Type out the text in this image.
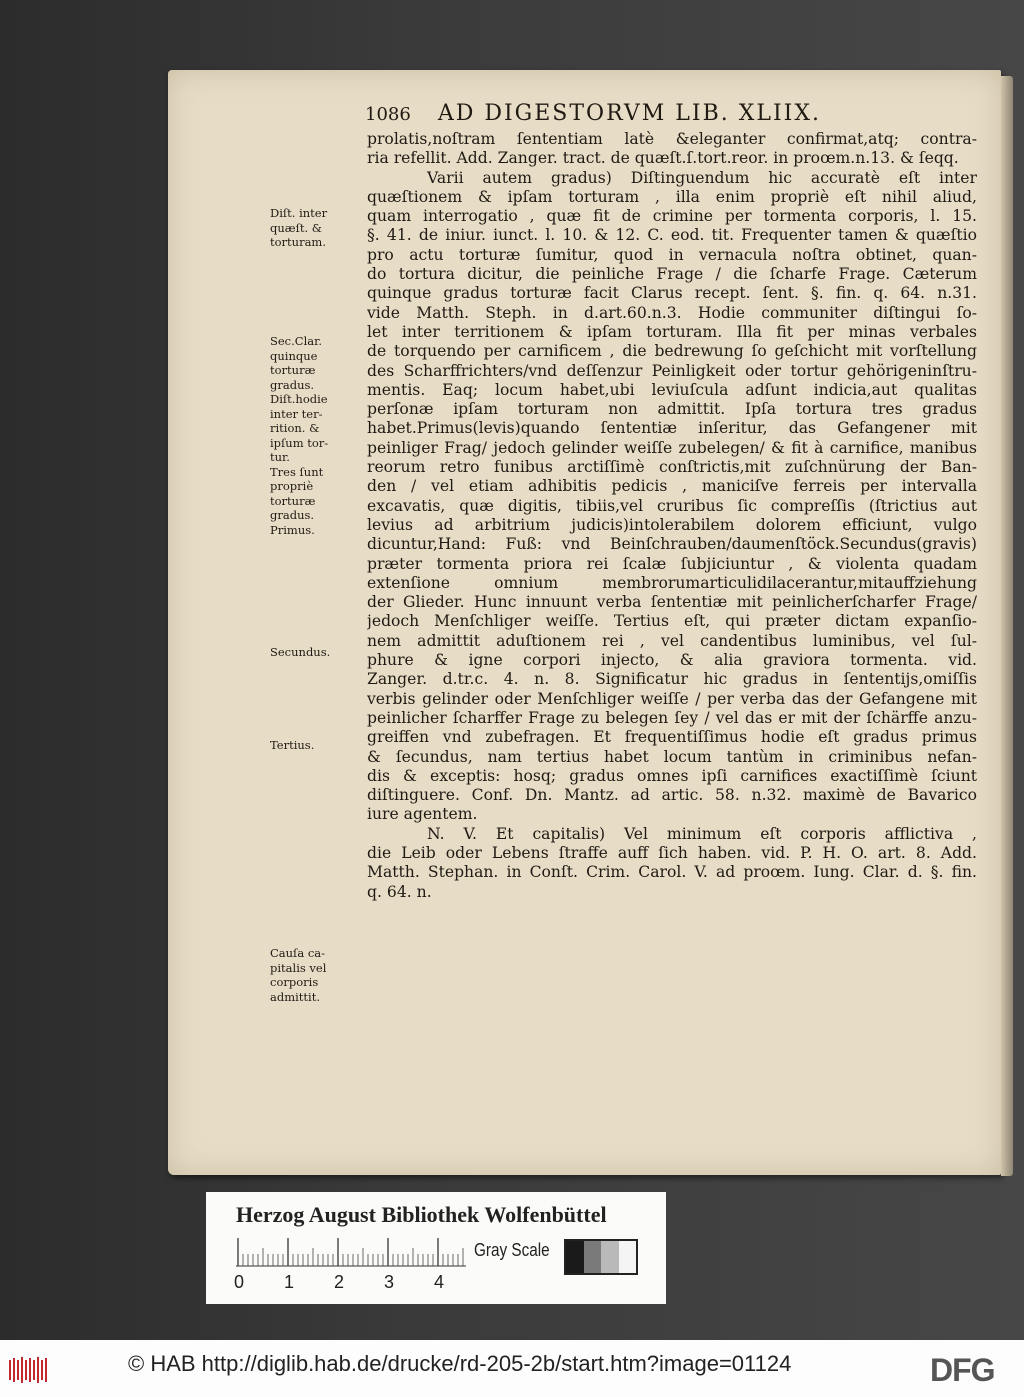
1086 AD DIGESTORVM LIB. XLIIX.
prolatis,noſtram ſententiam latè &eleganter confirmat,atq; contra-
ria refellit. Add. Zanger. tract. de quæſt.ſ.tort.reor. in proœm.n.13. & ſeqq.
Varii autem gradus) Diſtinguendum hic accuratè eſt inter
quæſtionem & ipſam torturam , illa enim propriè eſt nihil aliud,
quam interrogatio , quæ fit de crimine per tormenta corporis, l. 15.
§. 41. de iniur. iunct. l. 10. & 12. C. eod. tit. Frequenter tamen & quæſtio
pro actu torturæ ſumitur, quod in vernacula noſtra obtinet, quan-
do tortura dicitur, die peinliche Frage / die ſcharfe Frage. Cæterum
quinque gradus torturæ facit Clarus recept. ſent. §. fin. q. 64. n.31.
vide Matth. Steph. in d.art.60.n.3. Hodie communiter diſtingui ſo-
let inter territionem & ipſam torturam. Illa fit per minas verbales
de torquendo per carnificem , die bedrewung ſo geſchicht mit vorſtellung
des Scharffrichters/vnd deſſenzur Peinligkeit oder tortur gehörigeninſtru-
mentis. Eaq; locum habet,ubi leviuſcula adſunt indicia,aut qualitas
perſonæ ipſam torturam non admittit. Ipſa tortura tres gradus
habet.Primus(levis)quando ſententiæ inſeritur, das Gefangener mit
peinliger Frag/ jedoch gelinder weiſſe zubelegen/ & fit à carnifice, manibus
reorum retro funibus arctiſſimè conſtrictis,mit zuſchnürung der Ban-
den / vel etiam adhibitis pedicis , maniciſve ferreis per intervalla
excavatis, quæ digitis, tibiis,vel cruribus ſic compreſſis (ſtrictius aut
levius ad arbitrium judicis)intolerabilem dolorem efficiunt, vulgo
dicuntur,Hand: Fuß: vnd Beinſchrauben/daumenſtöck.Secundus(gravis)
præter tormenta priora rei ſcalæ ſubjiciuntur , & violenta quadam
extenſione omnium membrorumarticulidilacerantur,mitauffziehung
der Glieder. Hunc innuunt verba ſententiæ mit peinlicherſcharfer Frage/
jedoch Menſchliger weiſſe. Tertius eſt, qui præter dictam expanſio-
nem admittit aduſtionem rei , vel candentibus luminibus, vel ſul-
phure & igne corpori injecto, & alia graviora tormenta. vid.
Zanger. d.tr.c. 4. n. 8. Significatur hic gradus in ſententijs,omiſſis
verbis gelinder oder Menſchliger weiſſe / per verba das der Gefangene mit
peinlicher ſcharffer Frage zu belegen ſey / vel das er mit der ſchärffe anzu-
greiffen vnd zubefragen. Et frequentiſſimus hodie eſt gradus primus
& ſecundus, nam tertius habet locum tantùm in criminibus nefan-
dis & exceptis: hosq; gradus omnes ipſi carnifices exactiſſimè ſciunt
diſtinguere. Conf. Dn. Mantz. ad artic. 58. n.32. maximè de Bavarico
iure agentem.
N. V. Et capitalis) Vel minimum eſt corporis afflictiva ,
die Leib oder Lebens ſtraffe auff ſich haben. vid. P. H. O. art. 8. Add.
Matth. Stephan. in Conſt. Crim. Carol. V. ad proœm. Iung. Clar. d. §. fin.
q. 64. n.
Diſt. inter
quæſt. &
torturam.
Sec.Clar.
quinque
torturæ
gradus.
Diſt.hodie
inter ter-
rition. &
ipſum tor-
tur.
Tres ſunt
propriè
torturæ
gradus.
Primus.
Secundus.
Tertius.
Cauſa ca-
pitalis vel
corporis
admittit.
Herzog August Bibliothek Wolfenbüttel
0 1 2 3 4
Gray Scale
© HAB http://diglib.hab.de/drucke/rd-205-2b/start.htm?image=01124	DFG
